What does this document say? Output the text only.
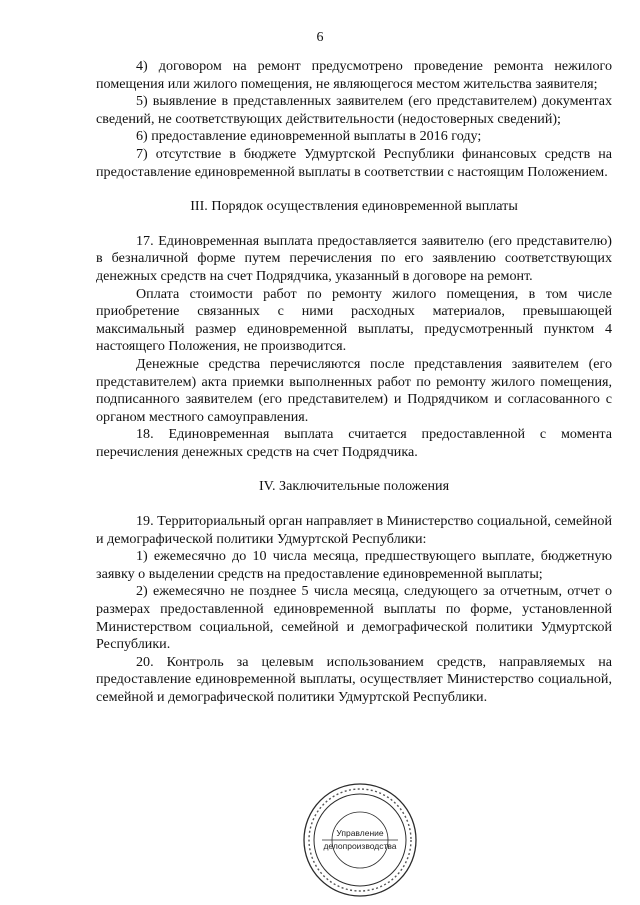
6

4) договором на ремонт предусмотрено проведение ремонта нежилого помещения или жилого помещения, не являющегося местом жительства заявителя;

5) выявление в представленных заявителем (его представителем) документах сведений, не соответствующих действительности (недостоверных сведений);

6) предоставление единовременной выплаты в 2016 году;

7) отсутствие в бюджете Удмуртской Республики финансовых средств на предоставление единовременной выплаты в соответствии с настоящим Положением.

III. Порядок осуществления единовременной выплаты

17. Единовременная выплата предоставляется заявителю (его представителю) в безналичной форме путем перечисления по его заявлению соответствующих денежных средств на счет Подрядчика, указанный в договоре на ремонт.

Оплата стоимости работ по ремонту жилого помещения, в том числе приобретение связанных с ними расходных материалов, превышающей максимальный размер единовременной выплаты, предусмотренный пунктом 4 настоящего Положения, не производится.

Денежные средства перечисляются после представления заявителем (его представителем) акта приемки выполненных работ по ремонту жилого помещения, подписанного заявителем (его представителем) и Подрядчиком и согласованного с органом местного самоуправления.

18. Единовременная выплата считается предоставленной с момента перечисления денежных средств на счет Подрядчика.

IV. Заключительные положения

19. Территориальный орган направляет в Министерство социальной, семейной и демографической политики Удмуртской Республики:

1) ежемесячно до 10 числа месяца, предшествующего выплате, бюджетную заявку о выделении средств на предоставление единовременной выплаты;

2) ежемесячно не позднее 5 числа месяца, следующего за отчетным, отчет о размерах предоставленной единовременной выплаты по форме, установленной Министерством социальной, семейной и демографической политики Удмуртской Республики.

20. Контроль за целевым использованием средств, направляемых на предоставление единовременной выплаты, осуществляет Министерство социальной, семейной и демографической политики Удмуртской Республики.

Управление
делопроизводства
